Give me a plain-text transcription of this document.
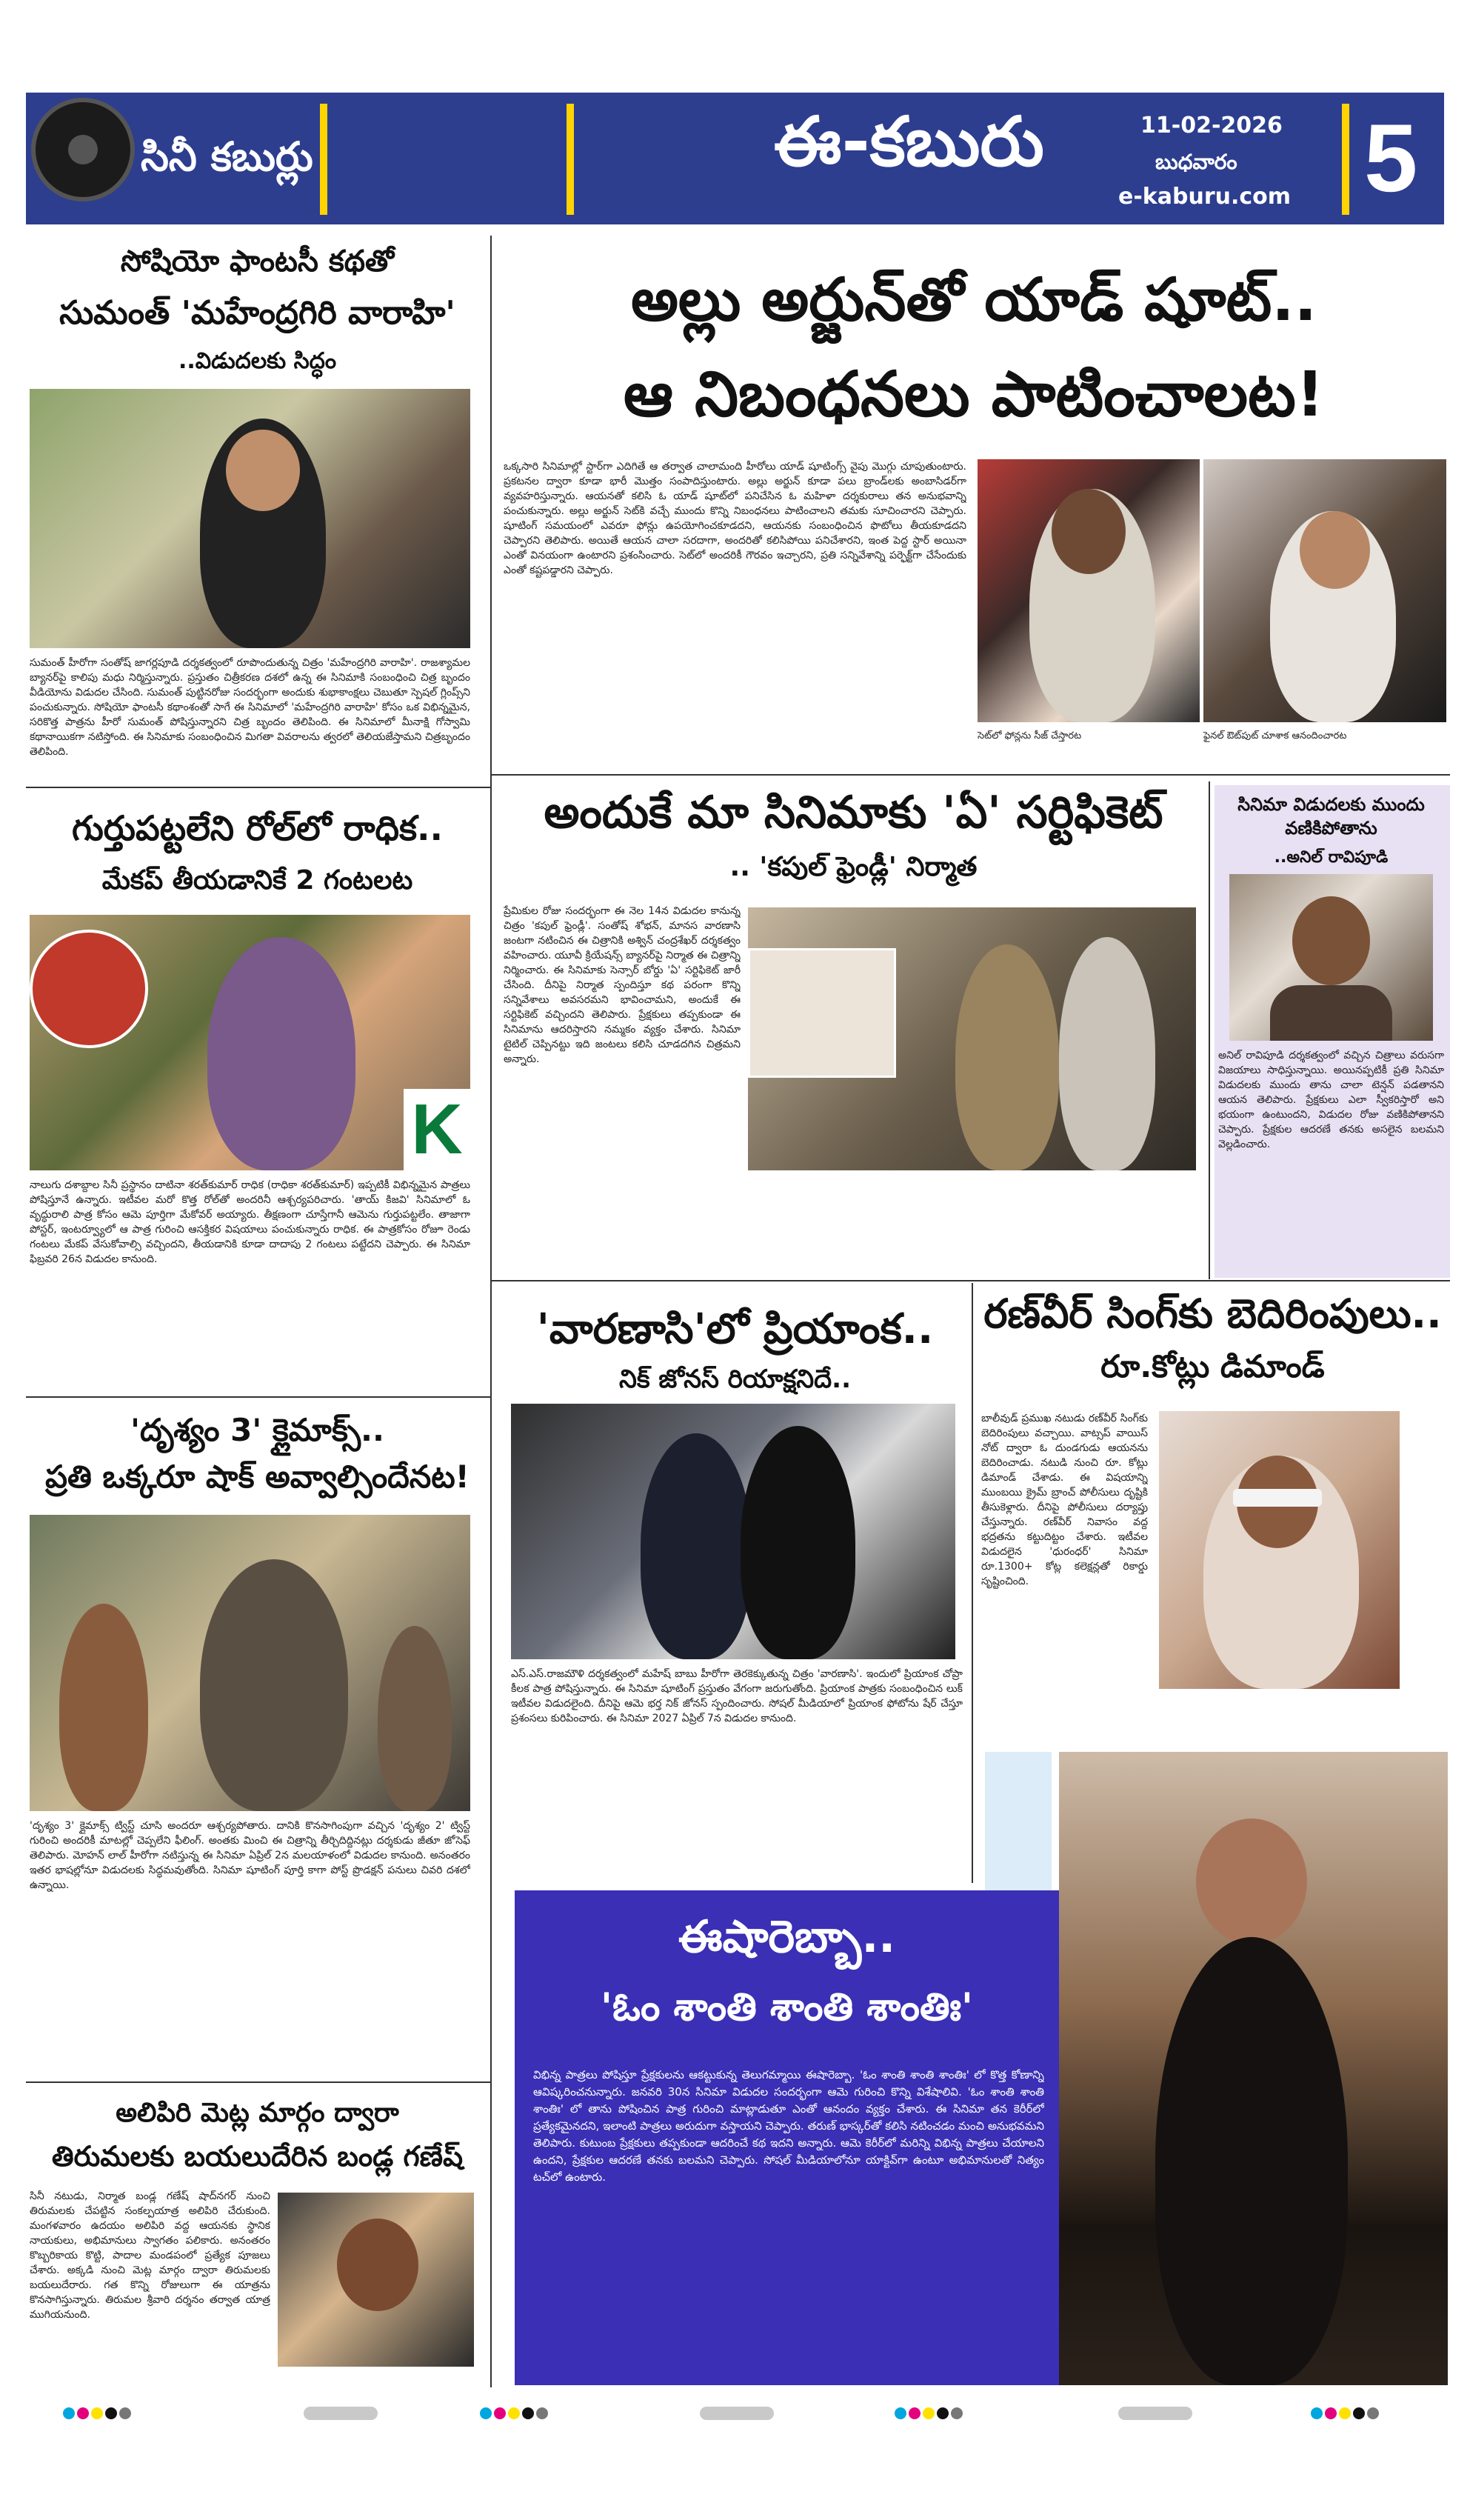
సినీ కబుర్లు	ఈ-కబురు	11-02-2026
బుధవారం
e-kaburu.com 5
సోషియో ఫాంటసీ కథతో
సుమంత్ 'మహేంద్రగిరి వారాహి'
..విడుదలకు సిద్ధం
సుమంత్ హీరోగా సంతోష్ జాగర్లపూడి దర్శకత్వంలో రూపొందుతున్న చిత్రం 'మహేంద్రగిరి వారాహి'. రాజశ్యామల బ్యానర్‌పై కాలిపు మధు నిర్మిస్తున్నారు. ప్రస్తుతం చిత్రీకరణ దశలో ఉన్న ఈ సినిమాకి సంబంధించి చిత్ర బృందం వీడియోను విడుదల చేసింది. సుమంత్ పుట్టినరోజు సందర్భంగా అందుకు శుభాకాంక్షలు చెబుతూ స్పెషల్ గ్లింప్స్‌ని పంచుకున్నారు. సోషియో ఫాంటసీ కథాంశంతో సాగే ఈ సినిమాలో 'మహేంద్రగిరి వారాహి' కోసం ఒక విభిన్నమైన, సరికొత్త పాత్రను హీరో సుమంత్ పోషిస్తున్నారని చిత్ర బృందం తెలిపింది. ఈ సినిమాలో మీనాక్షి గోస్వామి కథానాయికగా నటిస్తోంది. ఈ సినిమాకు సంబంధించిన మిగతా వివరాలను త్వరలో తెలియజేస్తామని చిత్రబృందం తెలిపింది.
గుర్తుపట్టలేని రోల్‌లో రాధిక..
మేకప్ తీయడానికే 2 గంటలట
K
నాలుగు దశాబ్దాల సినీ ప్రస్థానం దాటినా శరత్‌కుమార్ రాధిక (రాధికా శరత్‌కుమార్) ఇప్పటికీ విభిన్నమైన పాత్రలు పోషిస్తూనే ఉన్నారు. ఇటీవల మరో కొత్త రోల్‌తో అందరినీ ఆశ్చర్యపరిచారు. 'తాయ్ కిజవి' సినిమాలో ఓ వృద్ధురాలి పాత్ర కోసం ఆమె పూర్తిగా మేకోవర్ అయ్యారు. తీక్షణంగా చూస్తేగానీ ఆమెను గుర్తుపట్టలేం. తాజాగా పోస్టర్, ఇంటర్వ్యూలో ఆ పాత్ర గురించి ఆసక్తికర విషయాలు పంచుకున్నారు రాధిక. ఈ పాత్రకోసం రోజూ రెండు గంటలు మేకప్ వేసుకోవాల్సి వచ్చిందని, తీయడానికి కూడా దాదాపు 2 గంటలు పట్టేదని చెప్పారు. ఈ సినిమా ఫిబ్రవరి 26న విడుదల కానుంది.
'దృశ్యం 3' క్లైమాక్స్..
ప్రతి ఒక్కరూ షాక్ అవ్వాల్సిందేనట!
'దృశ్యం 3' క్లైమాక్స్ ట్విస్ట్ చూసి అందరూ ఆశ్చర్యపోతారు. దానికి కొనసాగింపుగా వచ్చిన 'దృశ్యం 2' ట్విస్ట్ గురించి అందరికీ మాటల్లో చెప్పలేని ఫీలింగ్. అంతకు మించి ఈ చిత్రాన్ని తీర్చిదిద్దినట్లు దర్శకుడు జీతూ జోసెఫ్ తెలిపారు. మోహన్ లాల్ హీరోగా నటిస్తున్న ఈ సినిమా ఏప్రిల్ 2న మలయాళంలో విడుదల కానుంది. అనంతరం ఇతర భాషల్లోనూ విడుదలకు సిద్ధమవుతోంది. సినిమా షూటింగ్ పూర్తి కాగా పోస్ట్ ప్రొడక్షన్ పనులు చివరి దశలో ఉన్నాయి.
అలిపిరి మెట్ల మార్గం ద్వారా
తిరుమలకు బయలుదేరిన బండ్ల గణేష్
సినీ నటుడు, నిర్మాత బండ్ల గణేష్ షాద్‌నగర్ నుంచి తిరుమలకు చేపట్టిన సంకల్పయాత్ర అలిపిరి చేరుకుంది. మంగళవారం ఉదయం అలిపిరి వద్ద ఆయనకు స్థానిక నాయకులు, అభిమానులు స్వాగతం పలికారు. అనంతరం కొబ్బరికాయ కొట్టి, పాదాల మండపంలో ప్రత్యేక పూజలు చేశారు. అక్కడి నుంచి మెట్ల మార్గం ద్వారా తిరుమలకు బయలుదేరారు. గత కొన్ని రోజులుగా ఈ యాత్రను కొనసాగిస్తున్నారు. తిరుమల శ్రీవారి దర్శనం తర్వాత యాత్ర ముగియనుంది.
అల్లు అర్జున్‌తో యాడ్ షూట్..
ఆ నిబంధనలు పాటించాలట!
ఒక్కసారి సినిమాల్లో స్టార్‌గా ఎదిగితే ఆ తర్వాత చాలామంది హీరోలు యాడ్ షూటింగ్స్ వైపు మొగ్గు చూపుతుంటారు. ప్రకటనల ద్వారా కూడా భారీ మొత్తం సంపాదిస్తుంటారు. అల్లు అర్జున్ కూడా పలు బ్రాండ్‌లకు అంబాసిడర్‌గా వ్యవహరిస్తున్నారు. ఆయనతో కలిసి ఓ యాడ్ షూట్‌లో పనిచేసిన ఓ మహిళా దర్శకురాలు తన అనుభవాన్ని పంచుకున్నారు. అల్లు అర్జున్ సెట్‌కి వచ్చే ముందు కొన్ని నిబంధనలు పాటించాలని తమకు సూచించారని చెప్పారు. షూటింగ్ సమయంలో ఎవరూ ఫోన్లు ఉపయోగించకూడదని, ఆయనకు సంబంధించిన ఫొటోలు తీయకూడదని చెప్పారని తెలిపారు. అయితే ఆయన చాలా సరదాగా, అందరితో కలిసిపోయి పనిచేశారని, ఇంత పెద్ద స్టార్ అయినా ఎంతో వినయంగా ఉంటారని ప్రశంసించారు. సెట్‌లో అందరికీ గౌరవం ఇచ్చారని, ప్రతి సన్నివేశాన్ని పర్ఫెక్ట్‌గా చేసేందుకు ఎంతో కష్టపడ్డారని చెప్పారు.
సెట్‌లో ఫోన్లను సీజ్ చేస్తారట	ఫైనల్ ఔట్‌పుట్ చూశాక ఆనందించారట
అందుకే మా సినిమాకు 'ఏ' సర్టిఫికెట్
.. 'కపుల్ ఫ్రెండ్లీ' నిర్మాత
ప్రేమికుల రోజు సందర్భంగా ఈ నెల 14న విడుదల కానున్న చిత్రం 'కపుల్ ఫ్రెండ్లీ'. సంతోష్ శోభన్, మానస వారణాసి జంటగా నటించిన ఈ చిత్రానికి అశ్విన్ చంద్రశేఖర్ దర్శకత్వం వహించారు. యూవీ క్రియేషన్స్ బ్యానర్‌పై నిర్మాత ఈ చిత్రాన్ని నిర్మించారు. ఈ సినిమాకు సెన్సార్ బోర్డు 'ఏ' సర్టిఫికెట్ జారీ చేసింది. దీనిపై నిర్మాత స్పందిస్తూ కథ పరంగా కొన్ని సన్నివేశాలు అవసరమని భావించామని, అందుకే ఈ సర్టిఫికెట్ వచ్చిందని తెలిపారు. ప్రేక్షకులు తప్పకుండా ఈ సినిమాను ఆదరిస్తారని నమ్మకం వ్యక్తం చేశారు. సినిమా టైటిల్ చెప్పినట్టు ఇది జంటలు కలిసి చూడదగిన చిత్రమని అన్నారు.
సినిమా విడుదలకు ముందు వణికిపోతాను
..అనిల్ రావిపూడి
అనిల్ రావిపూడి దర్శకత్వంలో వచ్చిన చిత్రాలు వరుసగా విజయాలు సాధిస్తున్నాయి. అయినప్పటికీ ప్రతి సినిమా విడుదలకు ముందు తాను చాలా టెన్షన్ పడతానని ఆయన తెలిపారు. ప్రేక్షకులు ఎలా స్వీకరిస్తారో అని భయంగా ఉంటుందని, విడుదల రోజు వణికిపోతానని చెప్పారు. ప్రేక్షకుల ఆదరణే తనకు అసలైన బలమని వెల్లడించారు.
'వారణాసి'లో ప్రియాంక..
నిక్ జోనస్ రియాక్షనిదే..
ఎస్.ఎస్.రాజమౌళి దర్శకత్వంలో మహేష్ బాబు హీరోగా తెరకెక్కుతున్న చిత్రం 'వారణాసి'. ఇందులో ప్రియాంక చోప్రా కీలక పాత్ర పోషిస్తున్నారు. ఈ సినిమా షూటింగ్ ప్రస్తుతం వేగంగా జరుగుతోంది. ప్రియాంక పాత్రకు సంబంధించిన లుక్ ఇటీవల విడుదలైంది. దీనిపై ఆమె భర్త నిక్ జోనస్ స్పందించారు. సోషల్ మీడియాలో ప్రియాంక ఫోటోను షేర్ చేస్తూ ప్రశంసలు కురిపించారు. ఈ సినిమా 2027 ఏప్రిల్ 7న విడుదల కానుంది.
రణ్‌వీర్ సింగ్‌కు బెదిరింపులు..
రూ.కోట్లు డిమాండ్
బాలీవుడ్ ప్రముఖ నటుడు రణ్‌వీర్ సింగ్‌కు బెదిరింపులు వచ్చాయి. వాట్సప్ వాయిస్ నోట్ ద్వారా ఓ దుండగుడు ఆయనను బెదిరించాడు. నటుడి నుంచి రూ. కోట్లు డిమాండ్ చేశాడు. ఈ విషయాన్ని ముంబయి క్రైమ్ బ్రాంచ్ పోలీసులు దృష్టికి తీసుకెళ్లారు. దీనిపై పోలీసులు దర్యాప్తు చేస్తున్నారు. రణ్‌వీర్ నివాసం వద్ద భద్రతను కట్టుదిట్టం చేశారు. ఇటీవల విడుదలైన 'ధురంధర్' సినిమా రూ.1300+ కోట్ల కలెక్షన్లతో రికార్డు సృష్టించింది.
ఈషారెబ్బా..
'ఓం శాంతి శాంతి శాంతిః'
విభిన్న పాత్రలు పోషిస్తూ ప్రేక్షకులను ఆకట్టుకున్న తెలుగమ్మాయి ఈషారెబ్బా. 'ఓం శాంతి శాంతి శాంతిః' లో కొత్త కోణాన్ని ఆవిష్కరించనున్నారు. జనవరి 30న సినిమా విడుదల సందర్భంగా ఆమె గురించి కొన్ని విశేషాలివి. 'ఓం శాంతి శాంతి శాంతిః' లో తాను పోషించిన పాత్ర గురించి మాట్లాడుతూ ఎంతో ఆనందం వ్యక్తం చేశారు. ఈ సినిమా తన కెరీర్‌లో ప్రత్యేకమైనదని, ఇలాంటి పాత్రలు అరుదుగా వస్తాయని చెప్పారు. తరుణ్ భాస్కర్‌తో కలిసి నటించడం మంచి అనుభవమని తెలిపారు. కుటుంబ ప్రేక్షకులు తప్పకుండా ఆదరించే కథ ఇదని అన్నారు. ఆమె కెరీర్‌లో మరిన్ని విభిన్న పాత్రలు చేయాలని ఉందని, ప్రేక్షకుల ఆదరణే తనకు బలమని చెప్పారు. సోషల్ మీడియాలోనూ యాక్టివ్‌గా ఉంటూ అభిమానులతో నిత్యం టచ్‌లో ఉంటారు.
